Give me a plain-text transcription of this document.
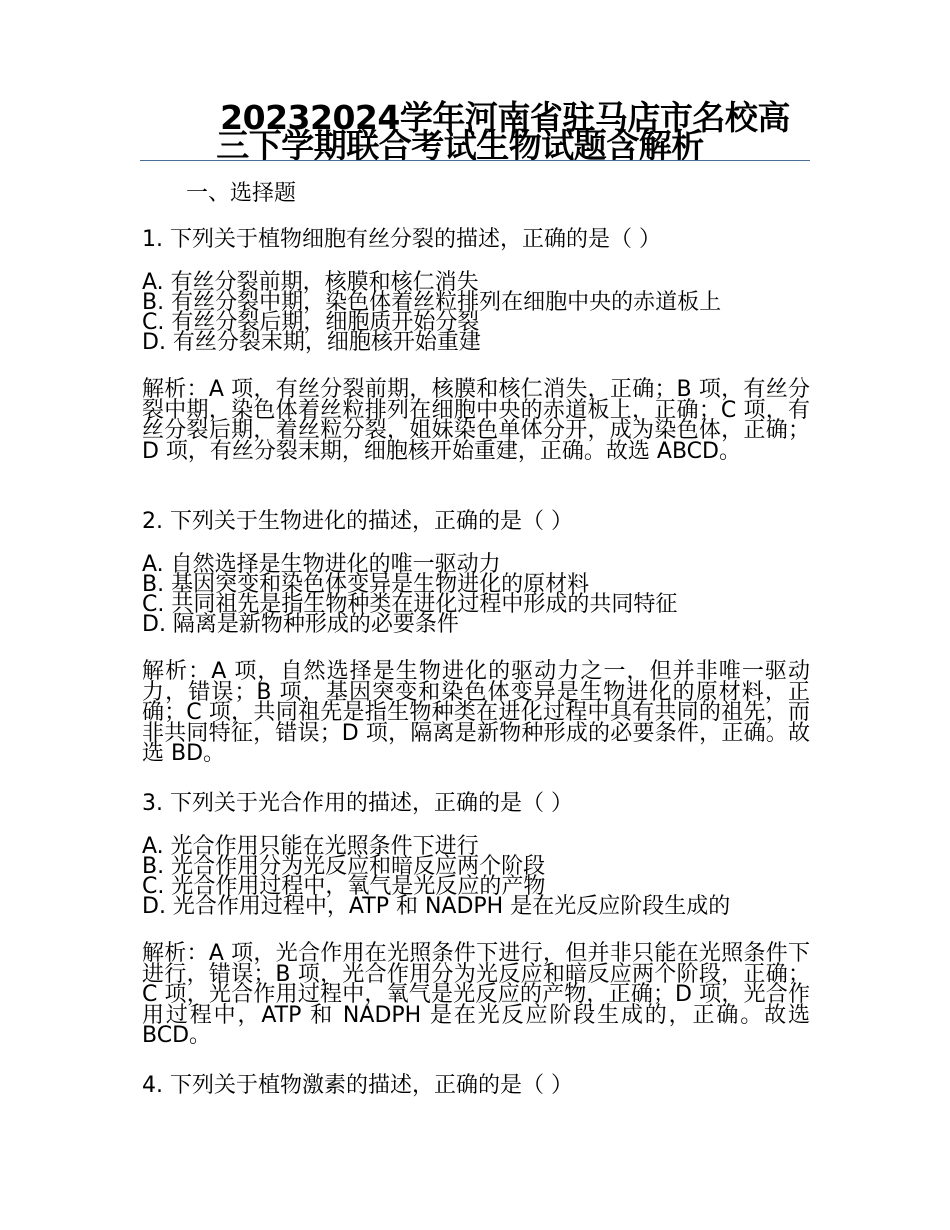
20232024学年河南省驻马店市名校高
三下学期联合考试生物试题含解析
一、选择题
1. 下列关于植物细胞有丝分裂的描述，正确的是（ ）
A. 有丝分裂前期，核膜和核仁消失
B. 有丝分裂中期，染色体着丝粒排列在细胞中央的赤道板上
C. 有丝分裂后期，细胞质开始分裂
D. 有丝分裂末期，细胞核开始重建
解析：A 项，有丝分裂前期，核膜和核仁消失，正确；B 项，有丝分裂中期，染色体着丝粒排列在细胞中央的赤道板上，正确；C 项，有丝分裂后期，着丝粒分裂，姐妹染色单体分开，成为染色体，正确；D 项，有丝分裂末期，细胞核开始重建，正确。故选 ABCD。
2. 下列关于生物进化的描述，正确的是（ ）
A. 自然选择是生物进化的唯一驱动力
B. 基因突变和染色体变异是生物进化的原材料
C. 共同祖先是指生物种类在进化过程中形成的共同特征
D. 隔离是新物种形成的必要条件
解析：A 项，自然选择是生物进化的驱动力之一，但并非唯一驱动力，错误；B 项，基因突变和染色体变异是生物进化的原材料，正确；C 项，共同祖先是指生物种类在进化过程中具有共同的祖先，而非共同特征，错误；D 项，隔离是新物种形成的必要条件，正确。故选 BD。
3. 下列关于光合作用的描述，正确的是（ ）
A. 光合作用只能在光照条件下进行
B. 光合作用分为光反应和暗反应两个阶段
C. 光合作用过程中，氧气是光反应的产物
D. 光合作用过程中，ATP 和 NADPH 是在光反应阶段生成的
解析：A 项，光合作用在光照条件下进行，但并非只能在光照条件下进行，错误；B 项，光合作用分为光反应和暗反应两个阶段，正确；C 项，光合作用过程中，氧气是光反应的产物，正确；D 项，光合作用过程中，ATP 和 NADPH 是在光反应阶段生成的，正确。故选 BCD。
4. 下列关于植物激素的描述，正确的是（ ）
